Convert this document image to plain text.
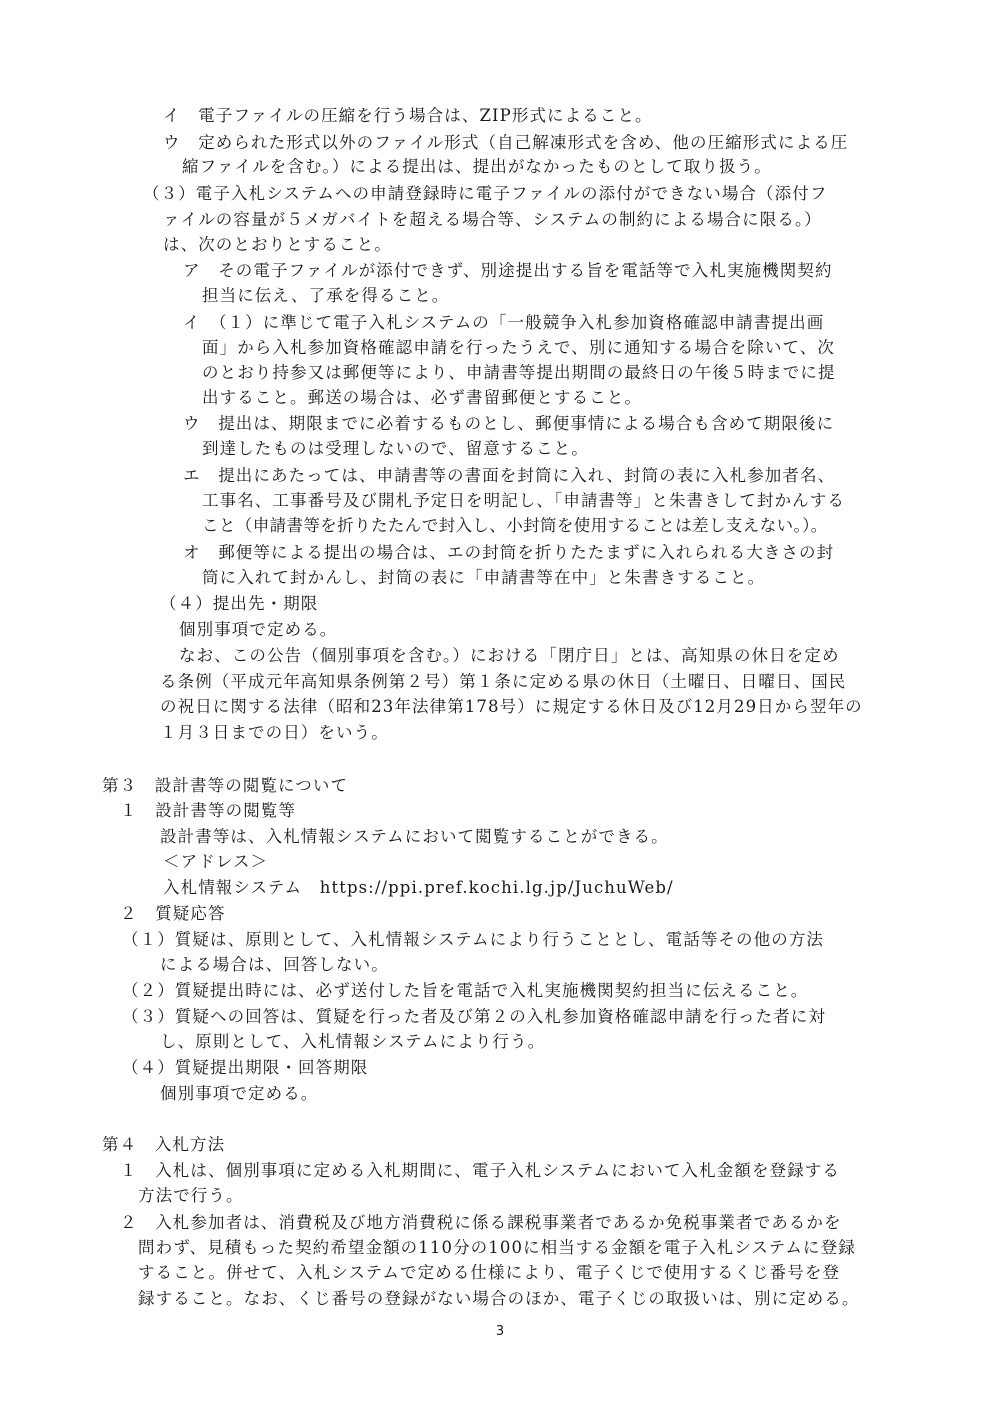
イ　電子ファイルの圧縮を行う場合は、ZIP形式によること。

ウ　定められた形式以外のファイル形式（自己解凍形式を含め、他の圧縮形式による圧

縮ファイルを含む。）による提出は、提出がなかったものとして取り扱う。

（３）電子入札システムへの申請登録時に電子ファイルの添付ができない場合（添付フ

ァイルの容量が５メガバイトを超える場合等、システムの制約による場合に限る。）

は、次のとおりとすること。

ア　その電子ファイルが添付できず、別途提出する旨を電話等で入札実施機関契約

担当に伝え、了承を得ること。

イ　（１）に準じて電子入札システムの「一般競争入札参加資格確認申請書提出画

面」から入札参加資格確認申請を行ったうえで、別に通知する場合を除いて、次

のとおり持参又は郵便等により、申請書等提出期間の最終日の午後５時までに提

出すること。郵送の場合は、必ず書留郵便とすること。

ウ　提出は、期限までに必着するものとし、郵便事情による場合も含めて期限後に

到達したものは受理しないので、留意すること。

エ　提出にあたっては、申請書等の書面を封筒に入れ、封筒の表に入札参加者名、

工事名、工事番号及び開札予定日を明記し、「申請書等」と朱書きして封かんする

こと（申請書等を折りたたんで封入し、小封筒を使用することは差し支えない。）。

オ　郵便等による提出の場合は、エの封筒を折りたたまずに入れられる大きさの封

筒に入れて封かんし、封筒の表に「申請書等在中」と朱書きすること。

（４）提出先・期限

個別事項で定める。

なお、この公告（個別事項を含む。）における「閉庁日」とは、高知県の休日を定め

る条例（平成元年高知県条例第２号）第１条に定める県の休日（土曜日、日曜日、国民

の祝日に関する法律（昭和23年法律第178号）に規定する休日及び12月29日から翌年の

１月３日までの日）をいう。

第３　設計書等の閲覧について

１　設計書等の閲覧等

設計書等は、入札情報システムにおいて閲覧することができる。

＜アドレス＞

入札情報システム　https://ppi.pref.kochi.lg.jp/JuchuWeb/

２　質疑応答

（１）質疑は、原則として、入札情報システムにより行うこととし、電話等その他の方法

による場合は、回答しない。

（２）質疑提出時には、必ず送付した旨を電話で入札実施機関契約担当に伝えること。

（３）質疑への回答は、質疑を行った者及び第２の入札参加資格確認申請を行った者に対

し、原則として、入札情報システムにより行う。

（４）質疑提出期限・回答期限

個別事項で定める。

第４　入札方法

１　入札は、個別事項に定める入札期間に、電子入札システムにおいて入札金額を登録する

方法で行う。

２　入札参加者は、消費税及び地方消費税に係る課税事業者であるか免税事業者であるかを

問わず、見積もった契約希望金額の110分の100に相当する金額を電子入札システムに登録

すること。併せて、入札システムで定める仕様により、電子くじで使用するくじ番号を登

録すること。なお、くじ番号の登録がない場合のほか、電子くじの取扱いは、別に定める。

3
